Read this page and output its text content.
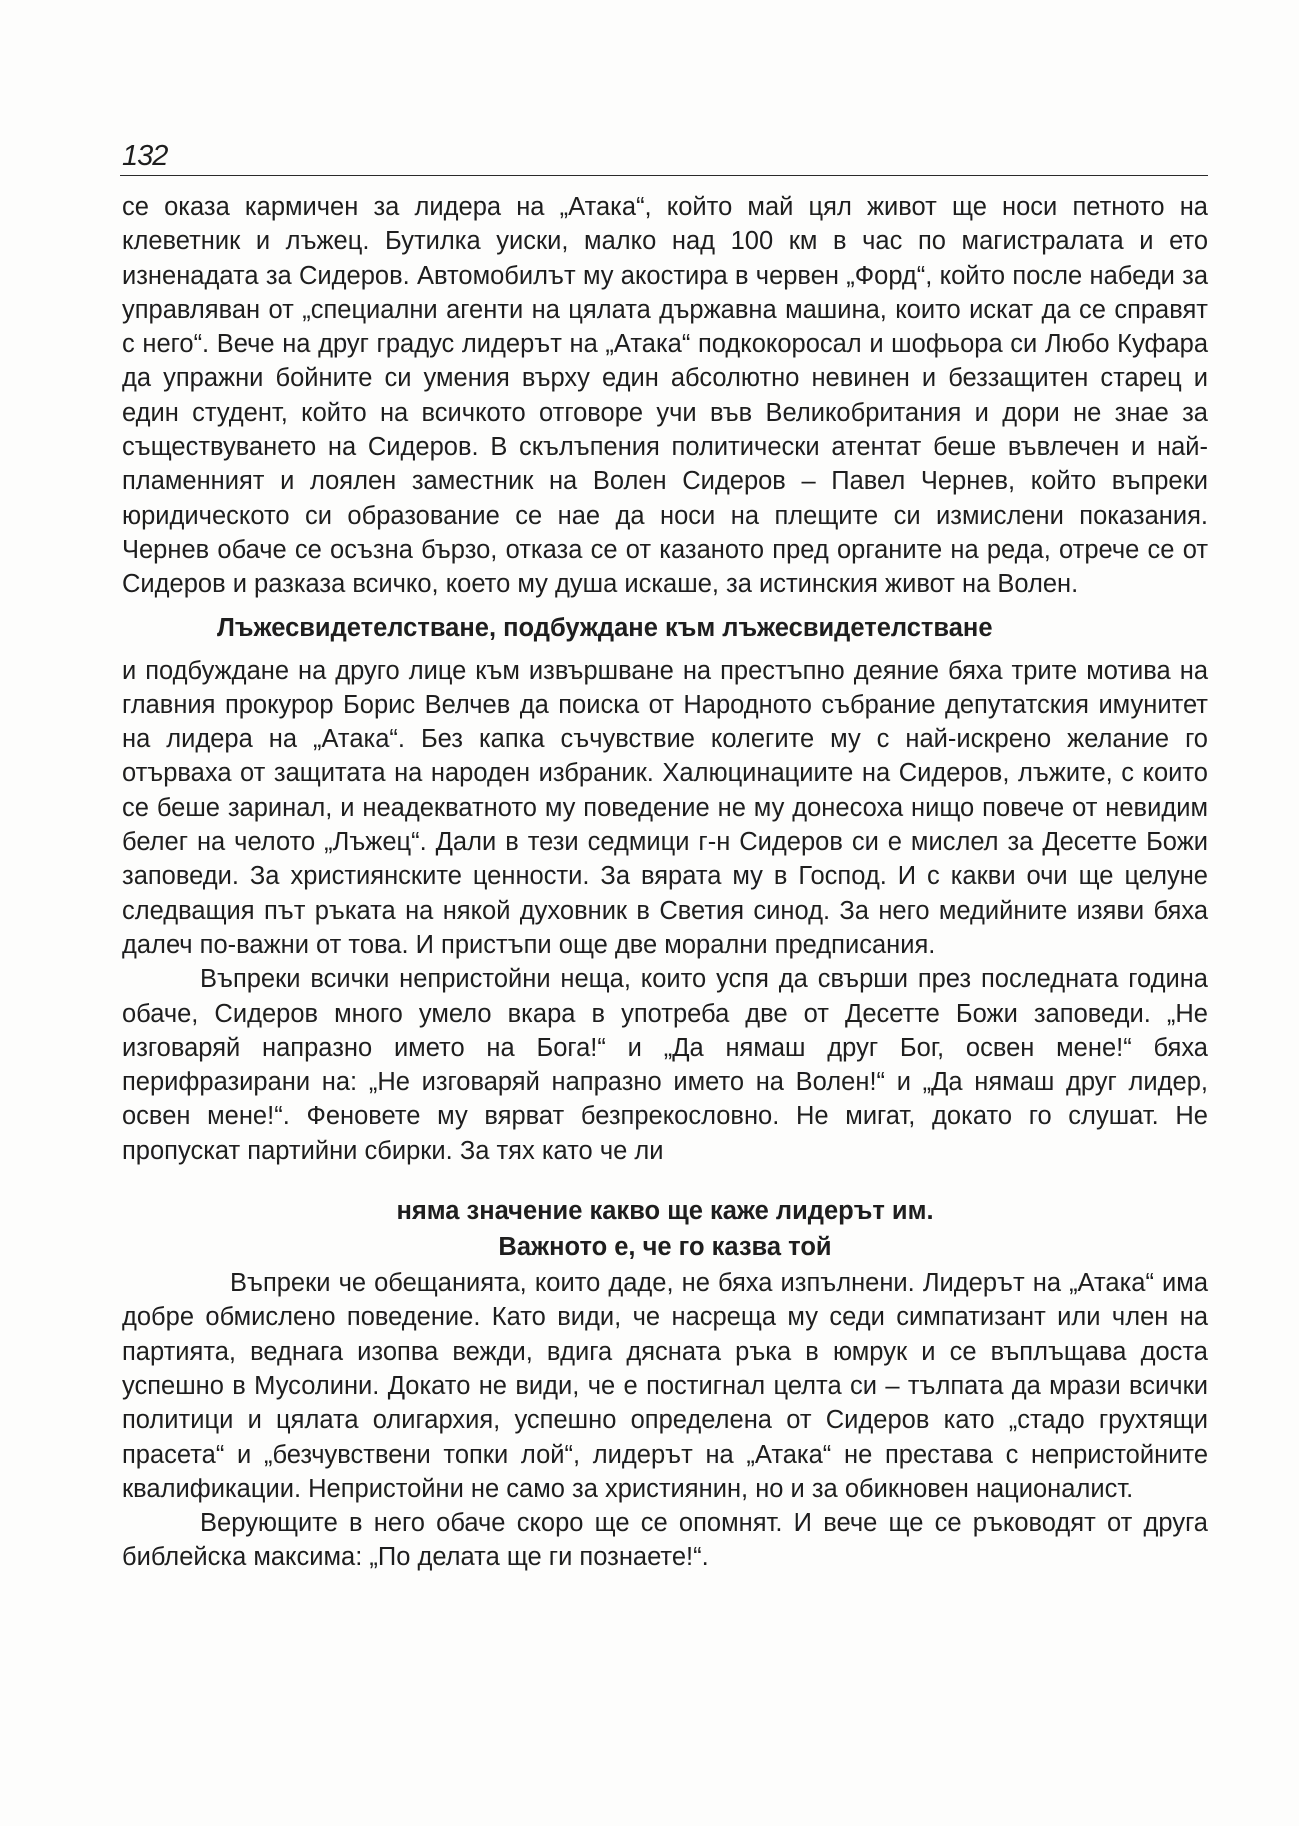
132

се оказа кармичен за лидера на „Атака“, който май цял живот ще носи петното на клеветник и лъжец. Бутилка уиски, малко над 100 км в час по магистралата и ето изненадата за Сидеров. Автомобилът му акостира в червен „Форд“, който после набеди за управляван от „специални агенти на цялата държавна машина, които искат да се справят с него“. Вече на друг градус лидерът на „Атака“ подкокоросал и шофьора си Любо Куфара да упражни бойните си умения върху един абсолютно невинен и беззащитен старец и един студент, който на всичкото отговоре учи във Великобритания и дори не знае за съществуването на Сидеров. В скълъпения политически атентат беше въвлечен и най-пламенният и лоялен заместник на Волен Сидеров – Павел Чернев, който въпреки юридическото си образование се нае да носи на плещите си измислени показания. Чернев обаче се осъзна бързо, отказа се от казаното пред органите на реда, отрече се от Сидеров и разказа всичко, което му душа искаше, за истинския живот на Волен.

Лъжесвидетелстване, подбуждане към лъжесвидетелстване

и подбуждане на друго лице към извършване на престъпно деяние бяха трите мотива на главния прокурор Борис Велчев да поиска от Народното събрание депутатския имунитет на лидера на „Атака“. Без капка съчувствие колегите му с най-искрено желание го отърваха от защитата на народен избраник. Халюцинациите на Сидеров, лъжите, с които се беше заринал, и неадекватното му поведение не му донесоха нищо повече от невидим белег на челото „Лъжец“. Дали в тези седмици г-н Сидеров си е мислел за Десетте Божи заповеди. За християнските ценности. За вярата му в Господ. И с какви очи ще целуне следващия път ръката на някой духовник в Светия синод. За него медийните изяви бяха далеч по-важни от това. И пристъпи още две морални предписания.

Въпреки всички непристойни неща, които успя да свърши през последната година обаче, Сидеров много умело вкара в употреба две от Десетте Божи заповеди. „Не изговаряй напразно името на Бога!“ и „Да нямаш друг Бог, освен мене!“ бяха перифразирани на: „Не изговаряй напразно името на Волен!“ и „Да нямаш друг лидер, освен мене!“. Феновете му вярват безпрекословно. Не мигат, докато го слушат. Не пропускат партийни сбирки. За тях като че ли

няма значение какво ще каже лидерът им.
Важното е, че го казва той

Въпреки че обещанията, които даде, не бяха изпълнени. Лидерът на „Атака“ има добре обмислено поведение. Като види, че насреща му седи симпатизант или член на партията, веднага изопва вежди, вдига дясната ръка в юмрук и се въплъщава доста успешно в Мусолини. Докато не види, че е постигнал целта си – тълпата да мрази всички политици и цялата олигархия, успешно определена от Сидеров като „стадо грухтящи прасета“ и „безчувствени топки лой“, лидерът на „Атака“ не престава с непристойните квалификации. Непристойни не само за християнин, но и за обикновен националист.

Верующите в него обаче скоро ще се опомнят. И вече ще се ръководят от друга библейска максима: „По делата ще ги познаете!“.
